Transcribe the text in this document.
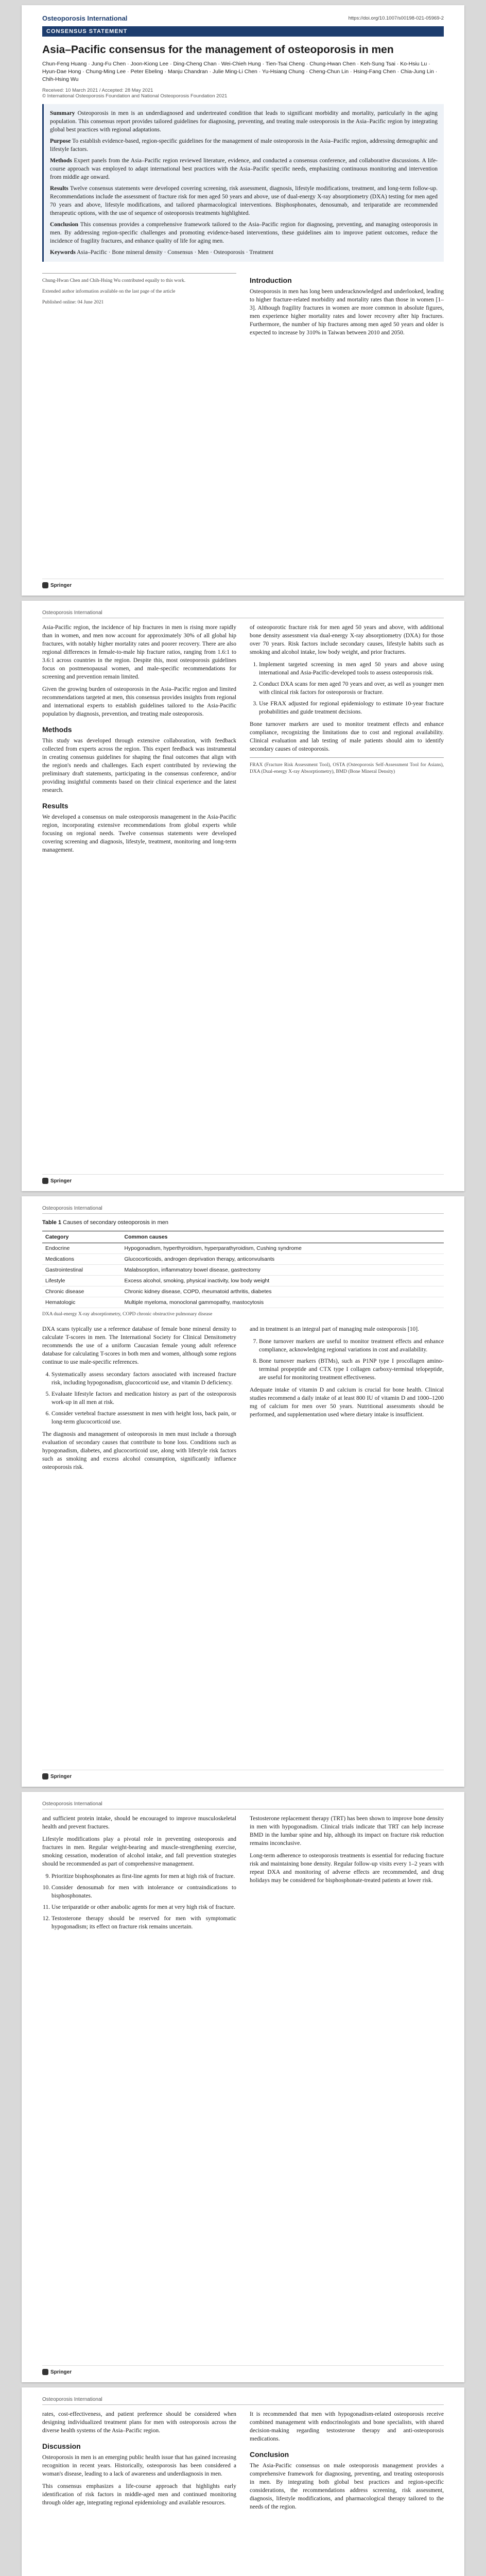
Osteoporosis International	https://doi.org/10.1007/s00198-021-05969-2
CONSENSUS STATEMENT
Asia–Pacific consensus for the management of osteoporosis in men
Chun-Feng Huang · Jung-Fu Chen · Joon-Kiong Lee · Ding-Cheng Chan · Wei-Chieh Hung · Tien-Tsai Cheng · Chung-Hwan Chen · Keh-Sung Tsai · Ko-Hsiu Lu · Hyun-Dae Hong · Chung-Ming Lee · Peter Ebeling · Manju Chandran · Julie Ming-Li Chen · Yu-Hsiang Chung · Cheng-Chun Lin · Hsing-Fang Chen · Chia-Jung Lin · Chih-Hsing Wu
Received: 10 March 2021 / Accepted: 28 May 2021
© International Osteoporosis Foundation and National Osteoporosis Foundation 2021

Summary Osteoporosis in men is an underdiagnosed and undertreated condition that leads to significant morbidity and mortality, particularly in the aging population. This consensus report provides tailored guidelines for diagnosing, preventing, and treating male osteoporosis in the Asia–Pacific region by integrating global best practices with regional adaptations.

Purpose To establish evidence-based, region-specific guidelines for the management of male osteoporosis in the Asia–Pacific region, addressing demographic and lifestyle factors.

Methods Expert panels from the Asia–Pacific region reviewed literature, evidence, and conducted a consensus conference, and collaborative discussions. A life-course approach was employed to adapt international best practices with the Asia–Pacific specific needs, emphasizing continuous monitoring and intervention from middle age onward.

Results Twelve consensus statements were developed covering screening, risk assessment, diagnosis, lifestyle modifications, treatment, and long-term follow-up. Recommendations include the assessment of fracture risk for men aged 50 years and above, use of dual-energy X-ray absorptiometry (DXA) testing for men aged 70 years and above, lifestyle modifications, and tailored pharmacological interventions. Bisphosphonates, denosumab, and teriparatide are recommended therapeutic options, with the use of sequence of osteoporosis treatments highlighted.

Conclusion This consensus provides a comprehensive framework tailored to the Asia–Pacific region for diagnosing, preventing, and managing osteoporosis in men. By addressing region-specific challenges and promoting evidence-based interventions, these guidelines aim to improve patient outcomes, reduce the incidence of fragility fractures, and enhance quality of life for aging men.

Keywords Asia–Pacific · Bone mineral density · Consensus · Men · Osteoporosis · Treatment

Chung-Hwan Chen and Chih-Hsing Wu contributed equally to this work.

Extended author information available on the last page of the article

Published online: 04 June 2021

Introduction

Osteoporosis in men has long been underacknowledged and underlooked, leading to higher fracture-related morbidity and mortality rates than those in women [1–3]. Although fragility fractures in women are more common in absolute figures, men experience higher mortality rates and lower recovery after hip fractures. Furthermore, the number of hip fractures among men aged 50 years and older is expected to increase by 310% in Taiwan between 2010 and 2050.

Springer
Osteoporosis International

Asia-Pacific region, the incidence of hip fractures in men is rising more rapidly than in women, and men now account for approximately 30% of all global hip fractures, with notably higher mortality rates and poorer recovery. There are also regional differences in female-to-male hip fracture ratios, ranging from 1.6:1 to 3.6:1 across countries in the region. Despite this, most osteoporosis guidelines focus on postmenopausal women, and male-specific recommendations for screening and prevention remain limited.

Given the growing burden of osteoporosis in the Asia–Pacific region and limited recommendations targeted at men, this consensus provides insights from regional and international experts to establish guidelines tailored to the Asia-Pacific population by diagnosis, prevention, and treating male osteoporosis.

Methods

This study was developed through extensive collaboration, with feedback collected from experts across the region. This expert feedback was instrumental in creating consensus guidelines for shaping the final outcomes that align with the region's needs and challenges. Each expert contributed by reviewing the preliminary draft statements, participating in the consensus conference, and/or providing insightful comments based on their clinical experience and the latest research.

Results

We developed a consensus on male osteoporosis management in the Asia-Pacific region, incorporating extensive recommendations from global experts while focusing on regional needs. Twelve consensus statements were developed covering screening and diagnosis, lifestyle, treatment, monitoring and long-term management.

of osteoporotic fracture risk for men aged 50 years and above, with additional bone density assessment via dual-energy X-ray absorptiometry (DXA) for those over 70 years. Risk factors include secondary causes, lifestyle habits such as smoking and alcohol intake, low body weight, and prior fractures.

1. Implement targeted screening in men aged 50 years and above using international and Asia-Pacific-developed tools to assess osteoporosis risk.
2. Conduct DXA scans for men aged 70 years and over, as well as younger men with clinical risk factors for osteoporosis or fracture.
3. Use FRAX adjusted for regional epidemiology to estimate 10-year fracture probabilities and guide treatment decisions.

Bone turnover markers are used to monitor treatment effects and enhance compliance, recognizing the limitations due to cost and regional availability. Clinical evaluation and lab testing of male patients should aim to identify secondary causes of osteoporosis.

FRAX (Fracture Risk Assessment Tool), OSTA (Osteoporosis Self-Assessment Tool for Asians), DXA (Dual-energy X-ray Absorptiometry), BMD (Bone Mineral Density)

Springer
Osteoporosis International
Table 1 Causes of secondary osteoporosis in men
Category	Common causes
Endocrine	Hypogonadism, hyperthyroidism, hyperparathyroidism, Cushing syndrome
Medications	Glucocorticoids, androgen deprivation therapy, anticonvulsants
Gastrointestinal	Malabsorption, inflammatory bowel disease, gastrectomy
Lifestyle	Excess alcohol, smoking, physical inactivity, low body weight
Chronic disease	Chronic kidney disease, COPD, rheumatoid arthritis, diabetes
Hematologic	Multiple myeloma, monoclonal gammopathy, mastocytosis

DXA dual-energy X-ray absorptiometry, COPD chronic obstructive pulmonary disease

DXA scans typically use a reference database of female bone mineral density to calculate T-scores in men. The International Society for Clinical Densitometry recommends the use of a uniform Caucasian female young adult reference database for calculating T-scores in both men and women, although some regions continue to use male-specific references.

4. Systematically assess secondary factors associated with increased fracture risk, including hypogonadism, glucocorticoid use, and vitamin D deficiency.
5. Evaluate lifestyle factors and medication history as part of the osteoporosis work-up in all men at risk.
6. Consider vertebral fracture assessment in men with height loss, back pain, or long-term glucocorticoid use.

The diagnosis and management of osteoporosis in men must include a thorough evaluation of secondary causes that contribute to bone loss. Conditions such as hypogonadism, diabetes, and glucocorticoid use, along with lifestyle risk factors such as smoking and excess alcohol consumption, significantly influence osteoporosis risk.

and in treatment is an integral part of managing male osteoporosis [10].

7. Bone turnover markers are useful to monitor treatment effects and enhance compliance, acknowledging regional variations in cost and availability.
8. Bone turnover markers (BTMs), such as P1NP type I procollagen amino-terminal propeptide and CTX type I collagen carboxy-terminal telopeptide, are useful for monitoring treatment effectiveness.

Adequate intake of vitamin D and calcium is crucial for bone health. Clinical studies recommend a daily intake of at least 800 IU of vitamin D and 1000–1200 mg of calcium for men over 50 years. Nutritional assessments should be performed, and supplementation used where dietary intake is insufficient.

Springer
Osteoporosis International

and sufficient protein intake, should be encouraged to improve musculoskeletal health and prevent fractures.

Lifestyle modifications play a pivotal role in preventing osteoporosis and fractures in men. Regular weight-bearing and muscle-strengthening exercise, smoking cessation, moderation of alcohol intake, and fall prevention strategies should be recommended as part of comprehensive management.

9. Prioritize bisphosphonates as first-line agents for men at high risk of fracture.
10. Consider denosumab for men with intolerance or contraindications to bisphosphonates.
11. Use teriparatide or other anabolic agents for men at very high risk of fracture.
12. Testosterone therapy should be reserved for men with symptomatic hypogonadism; its effect on fracture risk remains uncertain.

Testosterone replacement therapy (TRT) has been shown to improve bone density in men with hypogonadism. Clinical trials indicate that TRT can help increase BMD in the lumbar spine and hip, although its impact on fracture risk reduction remains inconclusive.

Long-term adherence to osteoporosis treatments is essential for reducing fracture risk and maintaining bone density. Regular follow-up visits every 1–2 years with repeat DXA and monitoring of adverse effects are recommended, and drug holidays may be considered for bisphosphonate-treated patients at lower risk.

Springer
Osteoporosis International

rates, cost-effectiveness, and patient preference should be considered when designing individualized treatment plans for men with osteoporosis across the diverse health systems of the Asia–Pacific region.

Discussion

Osteoporosis in men is an emerging public health issue that has gained increasing recognition in recent years. Historically, osteoporosis has been considered a woman's disease, leading to a lack of awareness and underdiagnosis in men.

This consensus emphasizes a life-course approach that highlights early identification of risk factors in middle-aged men and continued monitoring through older age, integrating regional epidemiology and available resources.

It is recommended that men with hypogonadism-related osteoporosis receive combined management with endocrinologists and bone specialists, with shared decision-making regarding testosterone therapy and anti-osteoporosis medications.

Conclusion

The Asia-Pacific consensus on male osteoporosis management provides a comprehensive framework for diagnosing, preventing, and treating osteoporosis in men. By integrating both global best practices and region-specific considerations, the recommendations address screening, risk assessment, diagnosis, lifestyle modifications, and pharmacological therapy tailored to the needs of the region.
